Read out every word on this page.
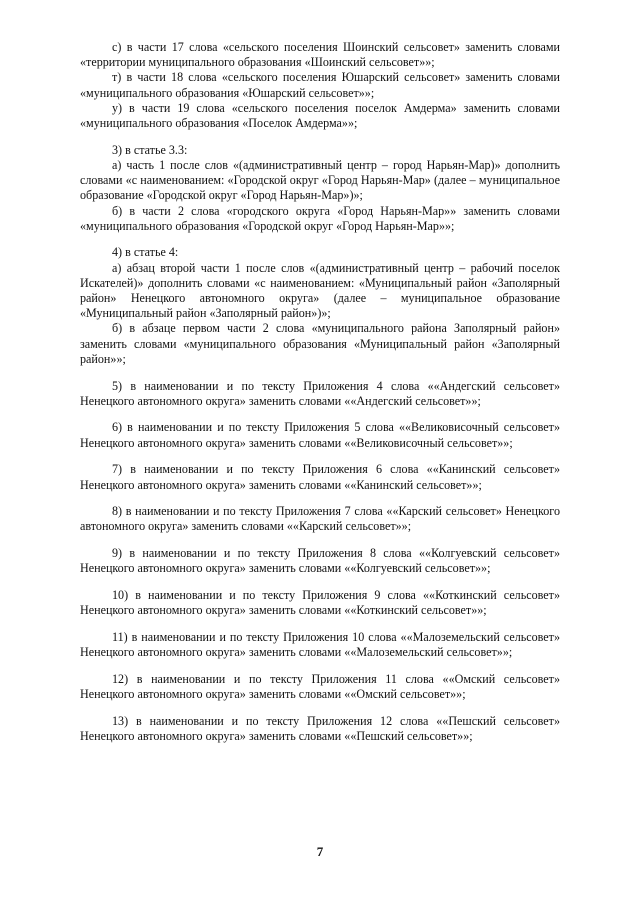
с) в части 17 слова «сельского поселения Шоинский сельсовет» заменить словами «территории муниципального образования «Шоинский сельсовет»»;

т) в части 18 слова «сельского поселения Юшарский сельсовет» заменить словами «муниципального образования «Юшарский сельсовет»»;

у) в части 19 слова «сельского поселения поселок Амдерма» заменить словами «муниципального образования «Поселок Амдерма»»;

3) в статье 3.3:

а) часть 1 после слов «(административный центр – город Нарьян-Мар)» дополнить словами «с наименованием: «Городской округ «Город Нарьян-Мар» (далее – муниципальное образование «Городской округ «Город Нарьян-Мар»)»;

б) в части 2 слова «городского округа «Город Нарьян-Мар»» заменить словами «муниципального образования «Городской округ «Город Нарьян-Мар»»;

4) в статье 4:

а) абзац второй части 1 после слов «(административный центр – рабочий поселок Искателей)» дополнить словами «с наименованием: «Муниципальный район «Заполярный район» Ненецкого автономного округа» (далее – муниципальное образование «Муниципальный район «Заполярный район»)»;

б) в абзаце первом части 2 слова «муниципального района Заполярный район» заменить словами «муниципального образования «Муниципальный район «Заполярный район»»;

5) в наименовании и по тексту Приложения 4 слова ««Андегский сельсовет» Ненецкого автономного округа» заменить словами ««Андегский сельсовет»»;

6) в наименовании и по тексту Приложения 5 слова ««Великовисочный сельсовет» Ненецкого автономного округа» заменить словами ««Великовисочный сельсовет»»;

7) в наименовании и по тексту Приложения 6 слова ««Канинский сельсовет» Ненецкого автономного округа» заменить словами ««Канинский сельсовет»»;

8) в наименовании и по тексту Приложения 7 слова ««Карский сельсовет» Ненецкого автономного округа» заменить словами ««Карский сельсовет»»;

9) в наименовании и по тексту Приложения 8 слова ««Колгуевский сельсовет» Ненецкого автономного округа» заменить словами ««Колгуевский сельсовет»»;

10) в наименовании и по тексту Приложения 9 слова ««Коткинский сельсовет» Ненецкого автономного округа» заменить словами ««Коткинский сельсовет»»;

11) в наименовании и по тексту Приложения 10 слова ««Малоземельский сельсовет» Ненецкого автономного округа» заменить словами ««Малоземельский сельсовет»»;

12) в наименовании и по тексту Приложения 11 слова ««Омский сельсовет» Ненецкого автономного округа» заменить словами ««Омский сельсовет»»;

13) в наименовании и по тексту Приложения 12 слова ««Пешский сельсовет» Ненецкого автономного округа» заменить словами ««Пешский сельсовет»»;

7
